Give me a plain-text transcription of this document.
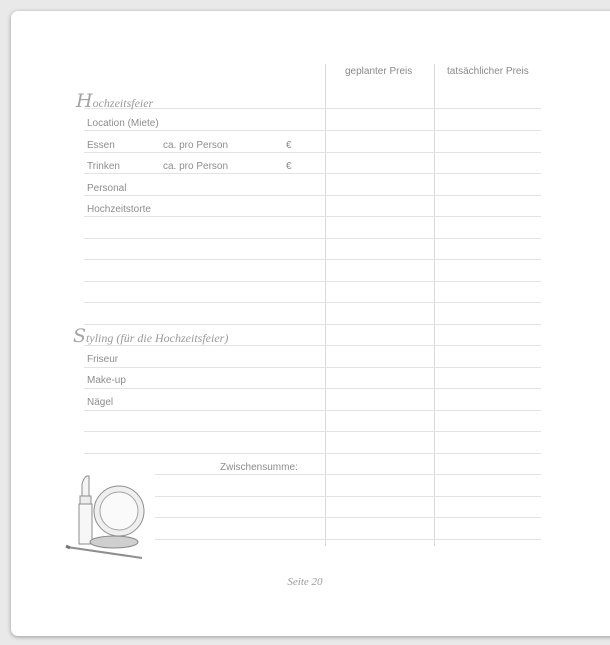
geplanter Preis	tatsächlicher Preis
Hochzeitsfeier
Location (Miete)
Essen	ca. pro Person	€
Trinken	ca. pro Person	€
Personal
Hochzeitstorte
Styling (für die Hochzeitsfeier)
Friseur
Make-up
Nägel
Zwischensumme:
Seite 20
